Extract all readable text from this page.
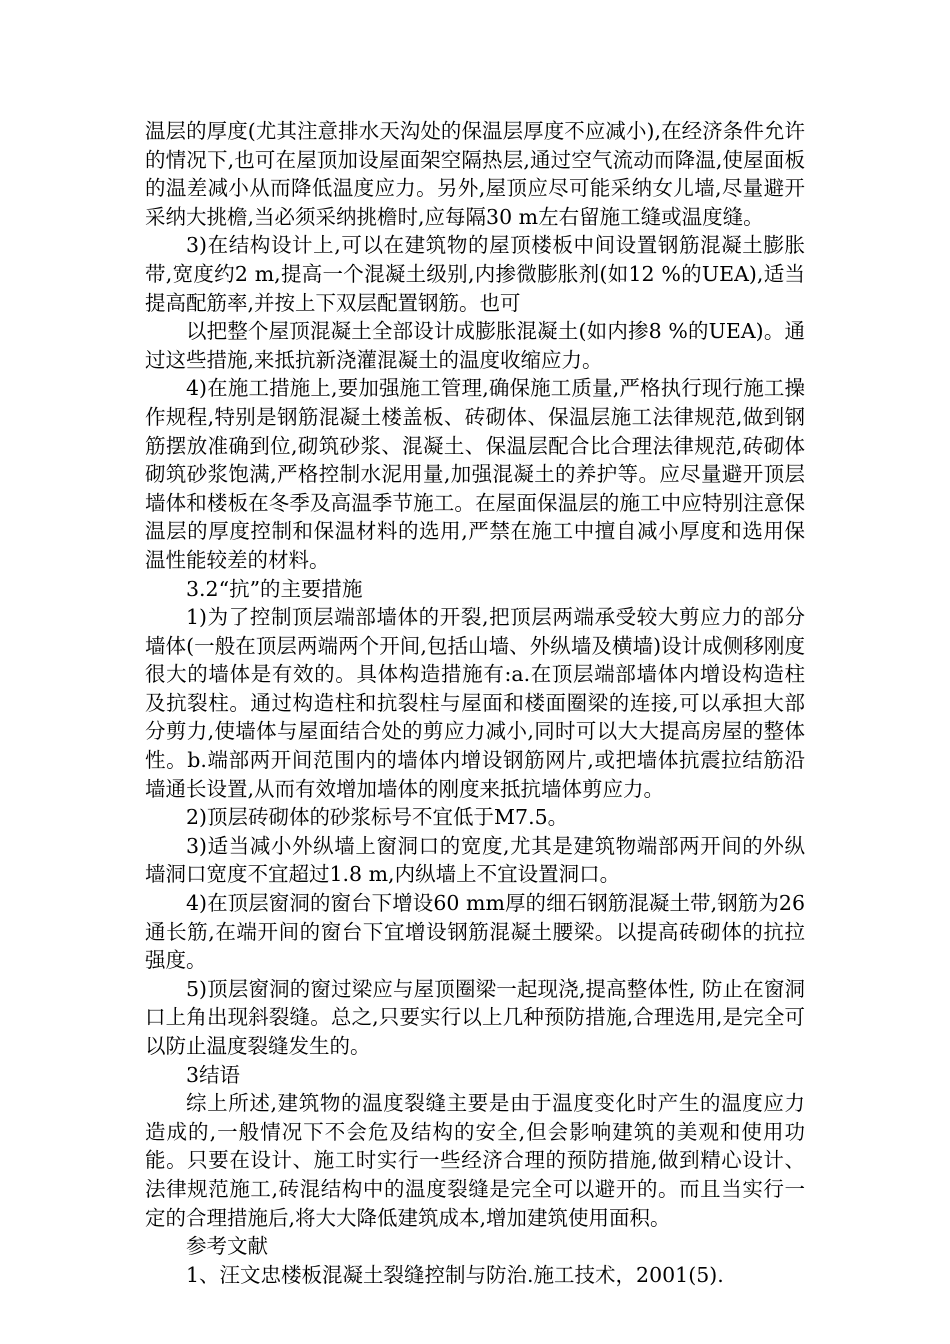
温层的厚度(尤其注意排水天沟处的保温层厚度不应减小),在经济条件允许的情况下,也可在屋顶加设屋面架空隔热层,通过空气流动而降温,使屋面板的温差减小从而降低温度应力。另外,屋顶应尽可能采纳女儿墙,尽量避开采纳大挑檐,当必须采纳挑檐时,应每隔30 m左右留施工缝或温度缝。

3)在结构设计上,可以在建筑物的屋顶楼板中间设置钢筋混凝土膨胀带,宽度约2 m,提高一个混凝土级别,内掺微膨胀剂(如12 %的UEA),适当提高配筋率,并按上下双层配置钢筋。也可

以把整个屋顶混凝土全部设计成膨胀混凝土(如内掺8 %的UEA)。通过这些措施,来抵抗新浇灌混凝土的温度收缩应力。

4)在施工措施上,要加强施工管理,确保施工质量,严格执行现行施工操作规程,特别是钢筋混凝土楼盖板、砖砌体、保温层施工法律规范,做到钢筋摆放准确到位,砌筑砂浆、混凝土、保温层配合比合理法律规范,砖砌体砌筑砂浆饱满,严格控制水泥用量,加强混凝土的养护等。应尽量避开顶层墙体和楼板在冬季及高温季节施工。在屋面保温层的施工中应特别注意保温层的厚度控制和保温材料的选用,严禁在施工中擅自减小厚度和选用保温性能较差的材料。

3.2“抗”的主要措施

1)为了控制顶层端部墙体的开裂,把顶层两端承受较大剪应力的部分墙体(一般在顶层两端两个开间,包括山墙、外纵墙及横墙)设计成侧移刚度很大的墙体是有效的。具体构造措施有:a.在顶层端部墙体内增设构造柱及抗裂柱。通过构造柱和抗裂柱与屋面和楼面圈梁的连接,可以承担大部分剪力,使墙体与屋面结合处的剪应力减小,同时可以大大提高房屋的整体性。b.端部两开间范围内的墙体内增设钢筋网片,或把墙体抗震拉结筋沿墙通长设置,从而有效增加墙体的刚度来抵抗墙体剪应力。

2)顶层砖砌体的砂浆标号不宜低于M7.5。

3)适当减小外纵墙上窗洞口的宽度,尤其是建筑物端部两开间的外纵墙洞口宽度不宜超过1.8 m,内纵墙上不宜设置洞口。

4)在顶层窗洞的窗台下增设60 mm厚的细石钢筋混凝土带,钢筋为26通长筋,在端开间的窗台下宜增设钢筋混凝土腰梁。以提高砖砌体的抗拉强度。

5)顶层窗洞的窗过梁应与屋顶圈梁一起现浇,提高整体性, 防止在窗洞口上角出现斜裂缝。总之,只要实行以上几种预防措施,合理选用,是完全可以防止温度裂缝发生的。

3结语

综上所述,建筑物的温度裂缝主要是由于温度变化时产生的温度应力造成的,一般情况下不会危及结构的安全,但会影响建筑的美观和使用功能。只要在设计、施工时实行一些经济合理的预防措施,做到精心设计、法律规范施工,砖混结构中的温度裂缝是完全可以避开的。而且当实行一定的合理措施后,将大大降低建筑成本,增加建筑使用面积。

参考文献

1、汪文忠楼板混凝土裂缝控制与防治.施工技术，2001(5).
